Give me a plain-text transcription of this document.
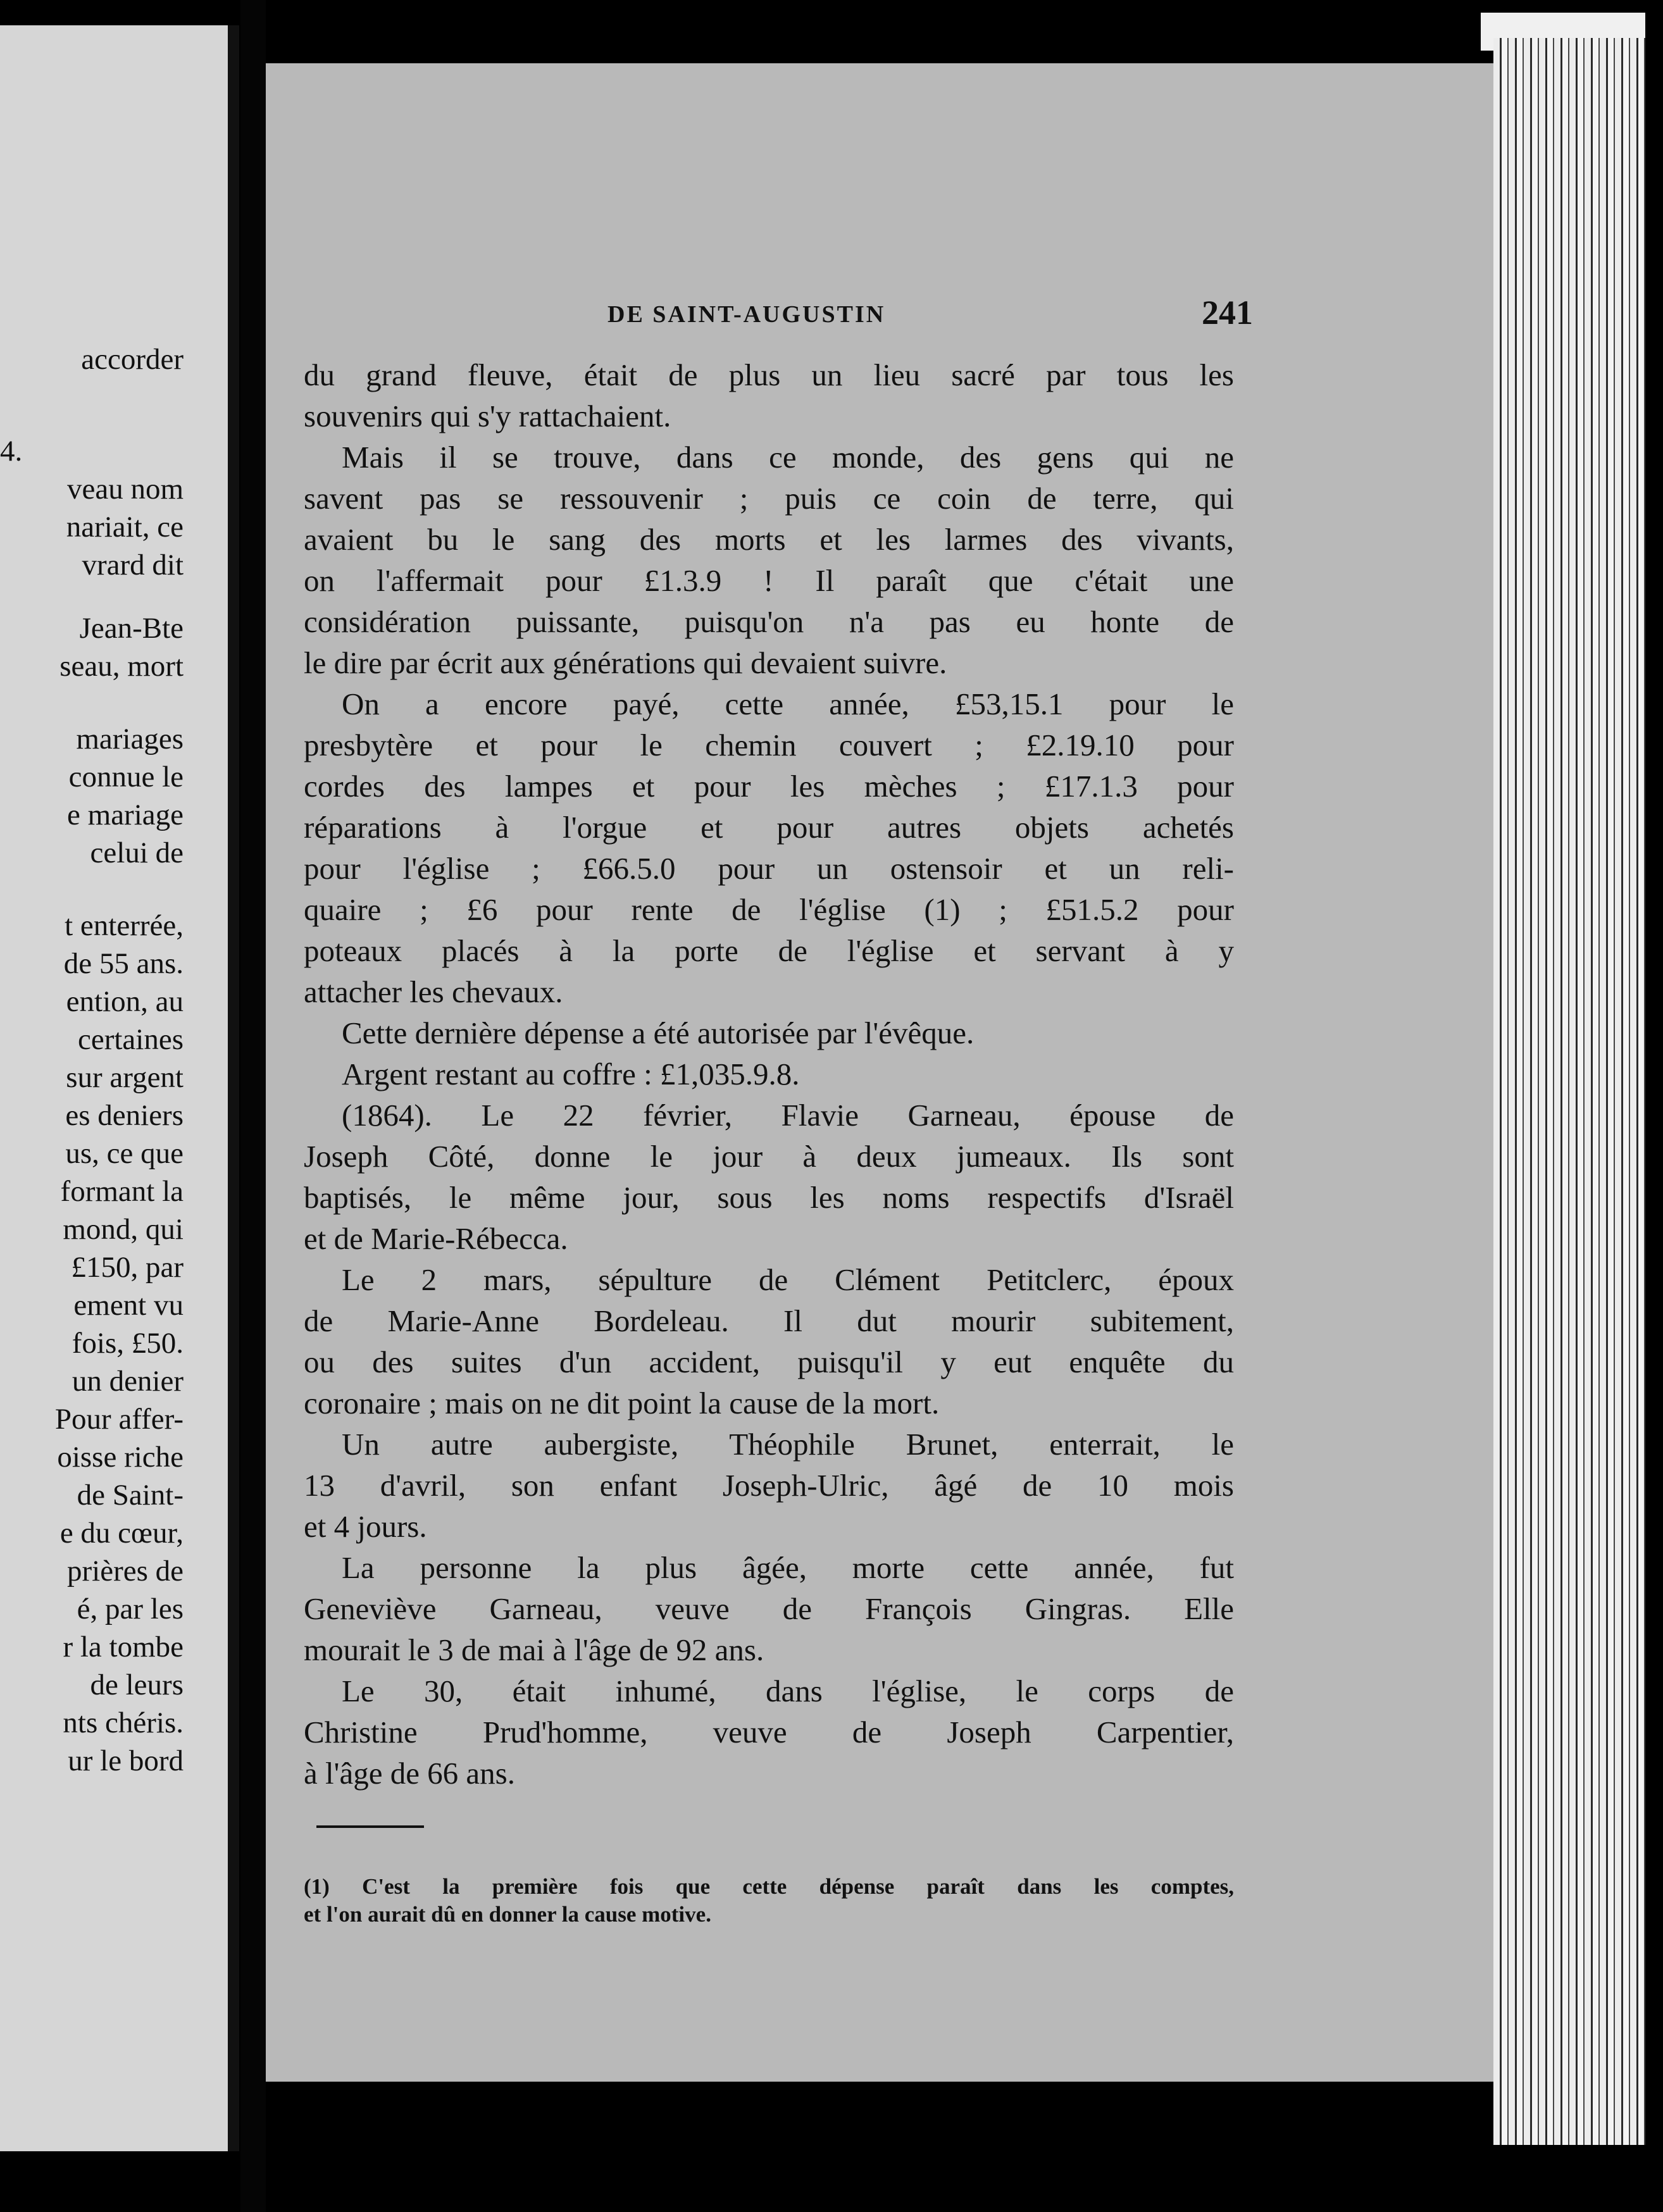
accorder

4.

veau nom

nariait, ce

vrard dit

Jean-Bte

seau, mort

mariages

connue le

e mariage

celui de

t enterrée,

de 55 ans.

ention, au

certaines

sur argent

es deniers

us, ce que

formant la

mond, qui

£150, par

ement vu

fois, £50.

un denier

Pour affer-

oisse riche

de Saint-

e du cœur,

prières de

é, par les

r la tombe

de leurs

nts chéris.

ur le bord

DE SAINT-AUGUSTIN	241

du grand fleuve, était de plus un lieu sacré par tous les

souvenirs qui s'y rattachaient.

Mais il se trouve, dans ce monde, des gens qui ne

savent pas se ressouvenir ; puis ce coin de terre, qui

avaient bu le sang des morts et les larmes des vivants,

on l'affermait pour £1.3.9 ! Il paraît que c'était une

considération puissante, puisqu'on n'a pas eu honte de

le dire par écrit aux générations qui devaient suivre.

On a encore payé, cette année, £53,15.1 pour le

presbytère et pour le chemin couvert ; £2.19.10 pour

cordes des lampes et pour les mèches ; £17.1.3 pour

réparations à l'orgue et pour autres objets achetés

pour l'église ; £66.5.0 pour un ostensoir et un reli-

quaire ; £6 pour rente de l'église (1) ; £51.5.2 pour

poteaux placés à la porte de l'église et servant à y

attacher les chevaux.

Cette dernière dépense a été autorisée par l'évêque.

Argent restant au coffre : £1,035.9.8.

(1864). Le 22 février, Flavie Garneau, épouse de

Joseph Côté, donne le jour à deux jumeaux. Ils sont

baptisés, le même jour, sous les noms respectifs d'Israël

et de Marie-Rébecca.

Le 2 mars, sépulture de Clément Petitclerc, époux

de Marie-Anne Bordeleau. Il dut mourir subitement,

ou des suites d'un accident, puisqu'il y eut enquête du

coronaire ; mais on ne dit point la cause de la mort.

Un autre aubergiste, Théophile Brunet, enterrait, le

13 d'avril, son enfant Joseph-Ulric, âgé de 10 mois

et 4 jours.

La personne la plus âgée, morte cette année, fut

Geneviève Garneau, veuve de François Gingras. Elle

mourait le 3 de mai à l'âge de 92 ans.

Le 30, était inhumé, dans l'église, le corps de

Christine Prud'homme, veuve de Joseph Carpentier,

à l'âge de 66 ans.

(1) C'est la première fois que cette dépense paraît dans les comptes,

et l'on aurait dû en donner la cause motive.
